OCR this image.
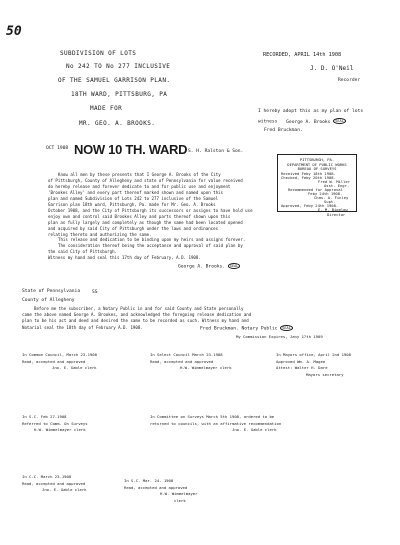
50
SUBDIVISION OF LOTS
No 242 TO No 277 INCLUSIVE
OF THE SAMUEL GARRISON PLAN.
18TH WARD, PITTSBURG, PA
MADE FOR
MR. GEO. A. BROOKS.
OCT 1908 NOW 10 TH. WARD S. H. Ralston & Son.
RECORDED, APRIL 14th 1908
J. D. O'Neil
Recorder
I hereby adopt this as my plan of lots
witness George A. Brooks SEAL
Fred Bruckman.
PITTSBURGH, PA.
DEPARTMENT OF PUBLIC WORKS
BUREAU OF SURVEYS
Received Feby 18th 1908.
Checked, Feby 20th 1908.
Fred W. Miller
Asst. Engr.
Recommended for Approval
Feby 24th 1908.
Chas. A. Finley
Supt.
Approved, Feby 24th 1908.
E. M. Bigelow
Director
Know all men by these presents that I George A. Brooks of the City
of Pittsburgh, County of Allegheny and state of Pennsylvania for value received
do hereby release and forever dedicate to and for public use and enjoyment
'Brookes Alley' and every part thereof marked shown and named upon this
plan and named Subdivision of Lots 242 to 277 inclusive of the Samuel
Garrison plan 18th ward, Pittsburgh, Pa. made for Mr. Geo. A. Brooks
October 1908, and the City of Pittsburgh its successors or assigns to have hold use
enjoy own and control said Brookes Alley and parts thereof shown upon this
plan as fully largely and completely as though the same had been located opened
and acquired by said City of Pittsburgh under the laws and ordinances
relating thereto and authorizing the same.
This release and dedication to be binding upon my heirs and assigns forever.
The consideration thereof being the acceptance and approval of said plan by
the said City of Pittsburgh.
Witness my hand and seal this 17th day of February, A.D. 1908.
George A. Brooks. SEAL
State of Pennsylvania	SS
County of Allegheny
Before me the subscriber, a Notary Public in and for said County and State personally
came the above named George A. Brookes, and acknowledged the foregoing release dedication and
plan to be his act and deed and desired the same to be recorded as such. Witness my hand and
Notarial seal the 18th day of February A.D. 1908.	Fred Bruckman. Notary Public SEAL
My Commission Expires, Jany 17th 1909
In Common Council, March 23-1908
Read, accepted and approved
Jno. E. Gable clerk
In Select Council March 23-1908
Read, accepted and approved
H.W. Wimmelmayer clerk
In Mayors office, April 2nd 1908
Approved Wm. A. Magee
Attest: Walter H. Dare
Mayors secretary
In S.C. Feb 27-1908
Referred to Comm. On Surveys
H.W. Wimmelmayer clerk
In Committee on Surveys March 5th 1908, ordered to be
returned to councils, with an affirmative recommendation
Jno. E. Gable clerk
In C.C. March 23-1908
Read, accepted and approved
Jno. E. Gable clerk
In S.C. Mar. 24- 1908
Read, accepted and approved
H.W. Wimmelmayer
clerk
